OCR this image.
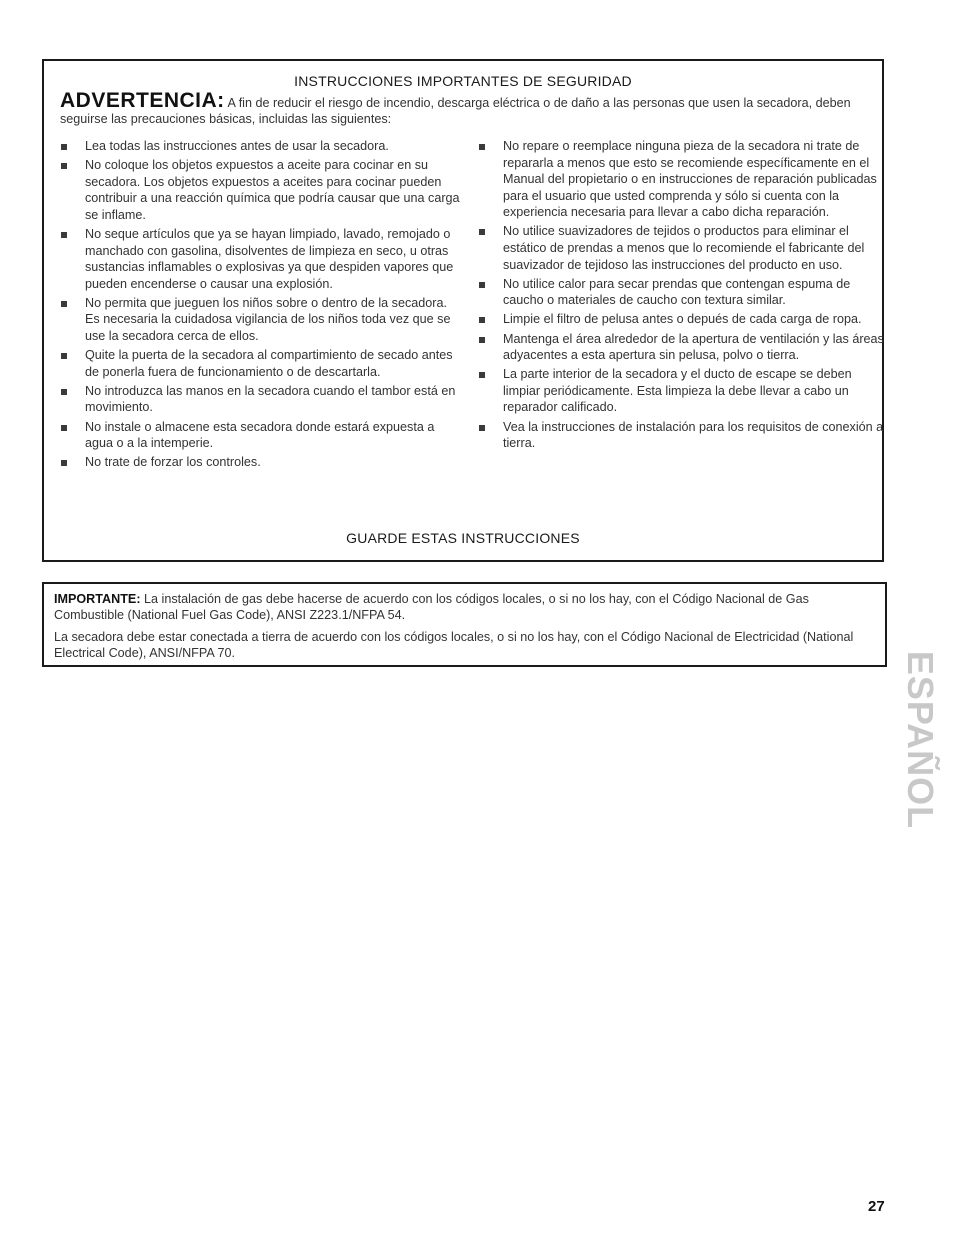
INSTRUCCIONES IMPORTANTES DE SEGURIDAD
ADVERTENCIA: A fin de reducir el riesgo de incendio, descarga eléctrica o de daño a las personas que usen la secadora, deben seguirse las precauciones básicas, incluidas las siguientes:
Lea todas las instrucciones antes de usar la secadora.
No coloque los objetos expuestos a aceite para cocinar en su secadora. Los objetos expuestos a aceites para cocinar pueden contribuir a una reacción química que podría causar que una carga se inflame.
No seque artículos que ya se hayan limpiado, lavado, remojado o manchado con gasolina, disolventes de limpieza en seco, u otras sustancias inflamables o explosivas ya que despiden vapores que pueden encenderse o causar una explosión.
No permita que jueguen los niños sobre o dentro de la secadora. Es necesaria la cuidadosa vigilancia de los niños toda vez que se use la secadora cerca de ellos.
Quite la puerta de la secadora al compartimiento de secado antes de ponerla fuera de funcionamiento o de descartarla.
No introduzca las manos en la secadora cuando el tambor está en movimiento.
No instale o almacene esta secadora donde estará expuesta a agua o a la intemperie.
No trate de forzar los controles.
No repare o reemplace ninguna pieza de la secadora ni trate de repararla a menos que esto se recomiende específicamente en el Manual del propietario o en instrucciones de reparación publicadas para el usuario que usted comprenda y sólo si cuenta con la experiencia necesaria para llevar a cabo dicha reparación.
No utilice suavizadores de tejidos o productos para eliminar el estático de prendas a menos que lo recomiende el fabricante del suavizador de tejidoso las instrucciones del producto en uso.
No utilice calor para secar prendas que contengan espuma de caucho o materiales de caucho con textura similar.
Limpie el filtro de pelusa antes o depués de cada carga de ropa.
Mantenga el área alrededor de la apertura de ventilación y las áreas adyacentes a esta apertura sin pelusa, polvo o tierra.
La parte interior de la secadora y el ducto de escape se deben limpiar periódicamente. Esta limpieza la debe llevar a cabo un reparador calificado.
Vea la instrucciones de instalación para los requisitos de conexión a tierra.
GUARDE ESTAS INSTRUCCIONES

IMPORTANTE: La instalación de gas debe hacerse de acuerdo con los códigos locales, o si no los hay, con el Código Nacional de Gas Combustible (National Fuel Gas Code), ANSI Z223.1/NFPA 54.

La secadora debe estar conectada a tierra de acuerdo con los códigos locales, o si no los hay, con el Código Nacional de Electricidad (National Electrical Code), ANSI/NFPA 70.	ESPAÑOL
27
